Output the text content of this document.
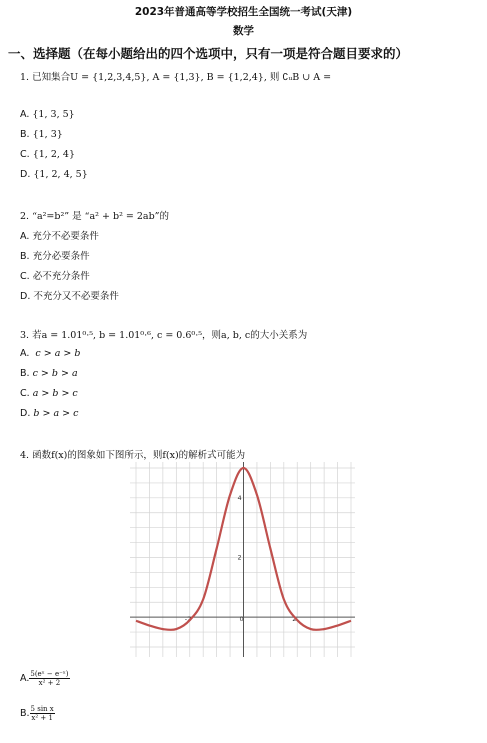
2023年普通高等学校招生全国统一考试(天津)
数学
一、选择题（在每小题给出的四个选项中，只有一项是符合题目要求的）
1. 已知集合U = {1,2,3,4,5}, A = {1,3}, B = {1,2,4}, 则 ∁ᵤB ∪ A =
A. {1, 3, 5}
B. {1, 3}
C. {1, 2, 4}
D. {1, 2, 4, 5}
2. “a²=b²” 是 “a² + b² = 2ab”的
A. 充分不必要条件
B. 充分必要条件
C. 必不充分条件
D. 不充分又不必要条件
3. 若a = 1.01⁰·⁵, b = 1.01⁰·⁶, c = 0.6⁰·⁵，则a, b, c的大小关系为
A. c > a > b
B. c > b > a
C. a > b > c
D. b > a > c
4. 函数f(x)的图象如下图所示，则f(x)的解析式可能为
-2	0	2
2
4
A. $\frac{\text{5(eˣ − e⁻ˣ)}}{\text{x² + 2}}$
B. $\frac{\text{5 sin x}}{\text{x² + 1}}$
